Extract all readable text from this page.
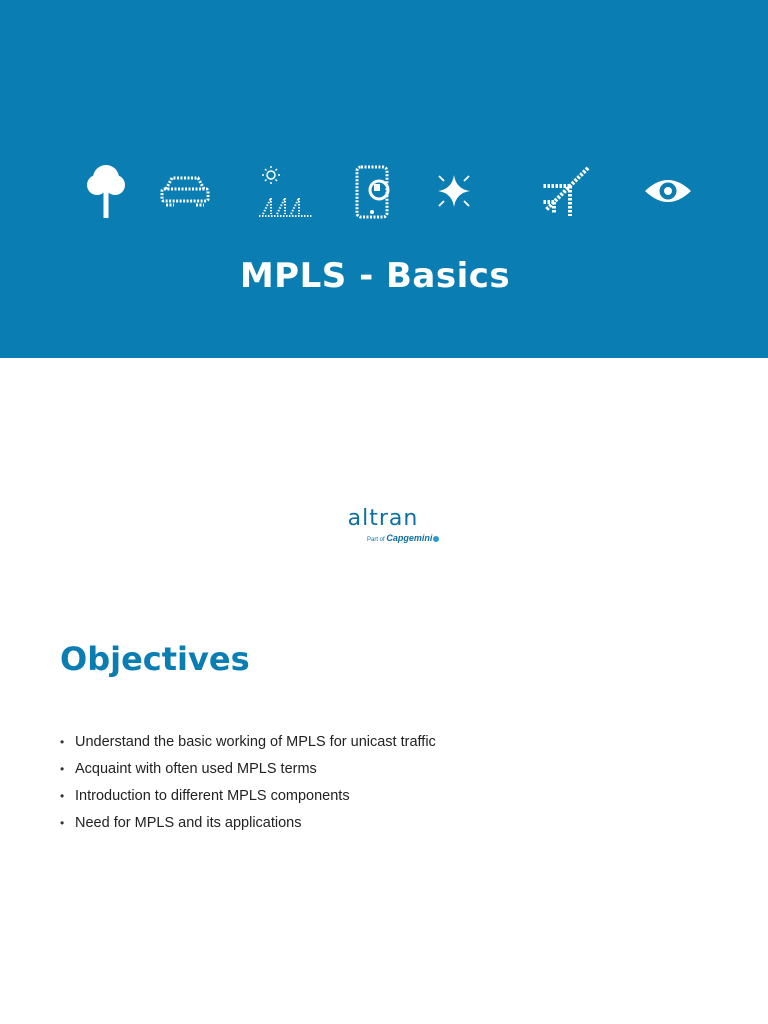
MPLS - Basics
altran
Part of Capgemini
Objectives
• Understand the basic working of MPLS for unicast traffic
• Acquaint with often used MPLS terms
• Introduction to different MPLS components
• Need for MPLS and its applications
